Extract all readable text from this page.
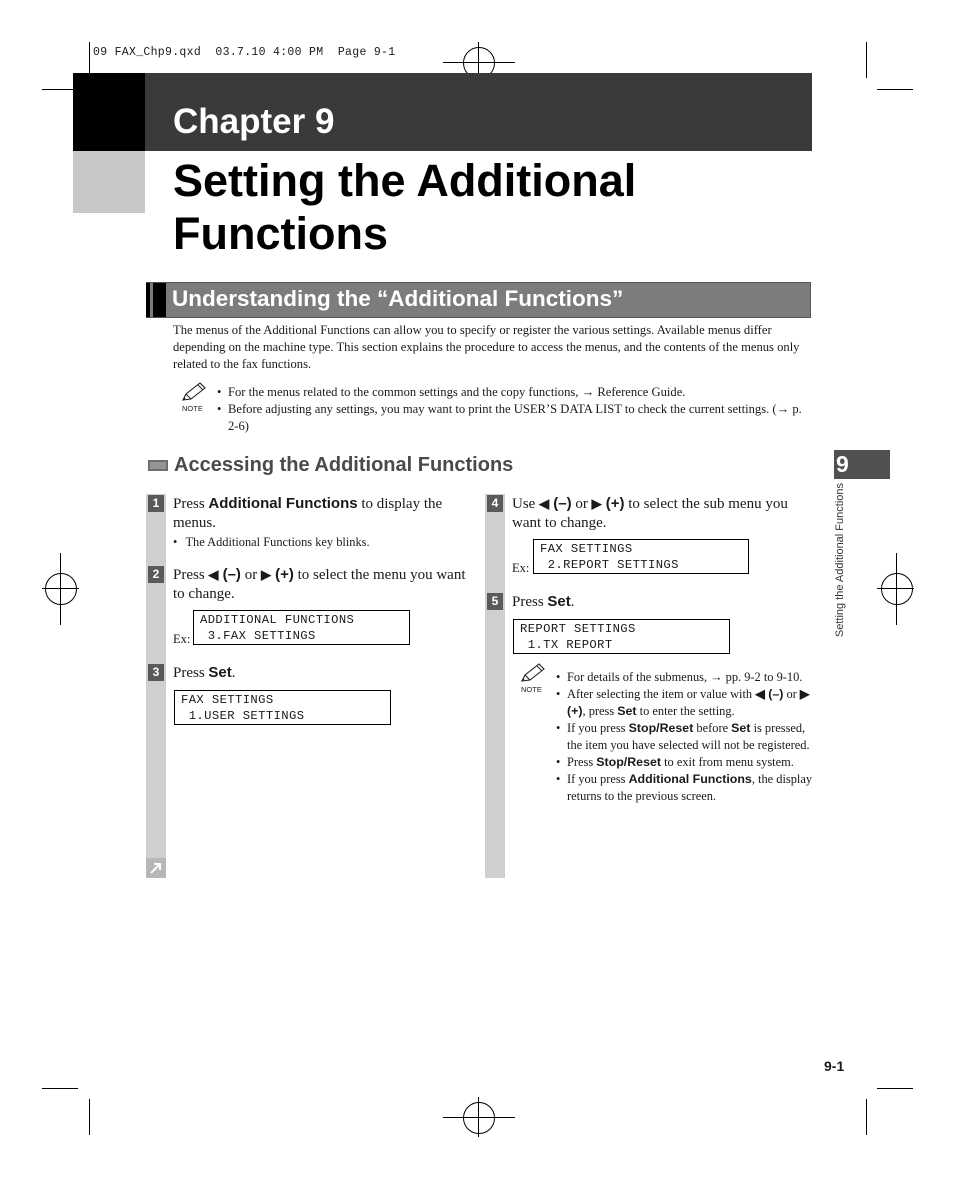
09 FAX_Chp9.qxd  03.7.10 4:00 PM  Page 9-1
Chapter 9
Setting the Additional
Functions
Understanding the “Additional Functions”
The menus of the Additional Functions can allow you to specify or register the various settings. Available menus differ depending on the machine type. This section explains the procedure to access the menus, and the contents of the menus only related to the fax functions.
NOTE
• For the menus related to the common settings and the copy functions, → Reference Guide.
• Before adjusting any settings, you may want to print the USER’S DATA LIST to check the current settings. (→ p. 2-6)
Accessing the Additional Functions
1 Press Additional Functions to display the menus.
• The Additional Functions key blinks.
2 Press ◀ (–) or ▶ (+) to select the menu you want to change.
Ex:
ADDITIONAL FUNCTIONS
3.FAX SETTINGS
3 Press Set.
FAX SETTINGS
1.USER SETTINGS
4 Use ◀ (–) or ▶ (+) to select the sub menu you want to change.
Ex:
FAX SETTINGS
2.REPORT SETTINGS
5 Press Set.
REPORT SETTINGS
1.TX REPORT
NOTE
• For details of the submenus, → pp. 9-2 to 9-10.
• After selecting the item or value with ◀ (–) or ▶ (+), press Set to enter the setting.
• If you press Stop/Reset before Set is pressed, the item you have selected will not be registered.
• Press Stop/Reset to exit from menu system.
• If you press Additional Functions, the display returns to the previous screen.
9
Setting the Additional Functions
9-1
